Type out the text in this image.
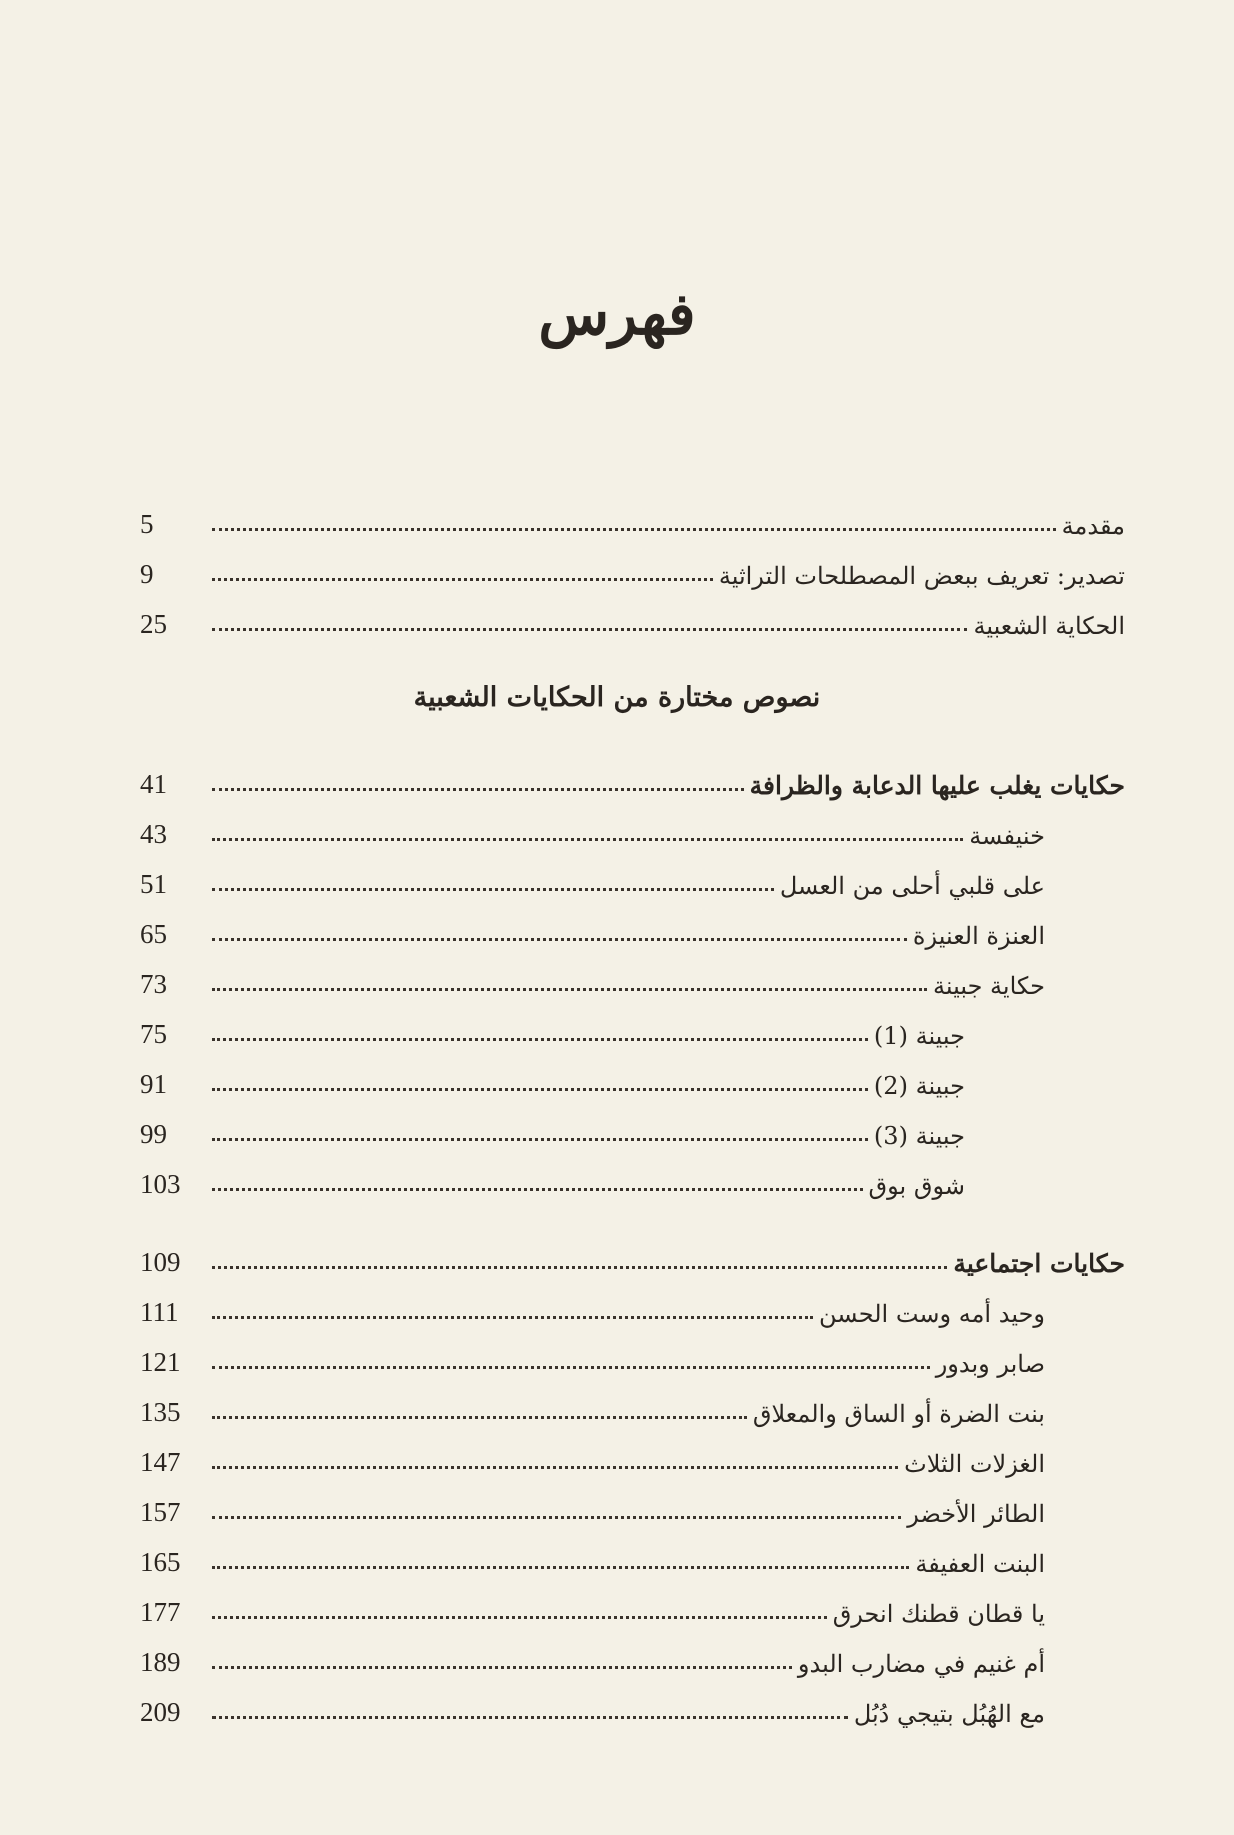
فهرس
مقدمة
5
تصدير: تعريف ببعض المصطلحات التراثية
9
الحكاية الشعبية
25
نصوص مختارة من الحكايات الشعبية
حكايات يغلب عليها الدعابة والظرافة
41
خنيفسة
43
على قلبي أحلى من العسل
51
العنزة العنيزة
65
حكاية جبينة
73
جبينة (1)
75
جبينة (2)
91
جبينة (3)
99
شوق بوق
103
حكايات اجتماعية
109
وحيد أمه وست الحسن
111
صابر وبدور
121
بنت الضرة أو الساق والمعلاق
135
الغزلات الثلاث
147
الطائر الأخضر
157
البنت العفيفة
165
يا قطان قطنك انحرق
177
أم غنيم في مضارب البدو
189
مع الهُبُل بتيجي دُبُل
209
